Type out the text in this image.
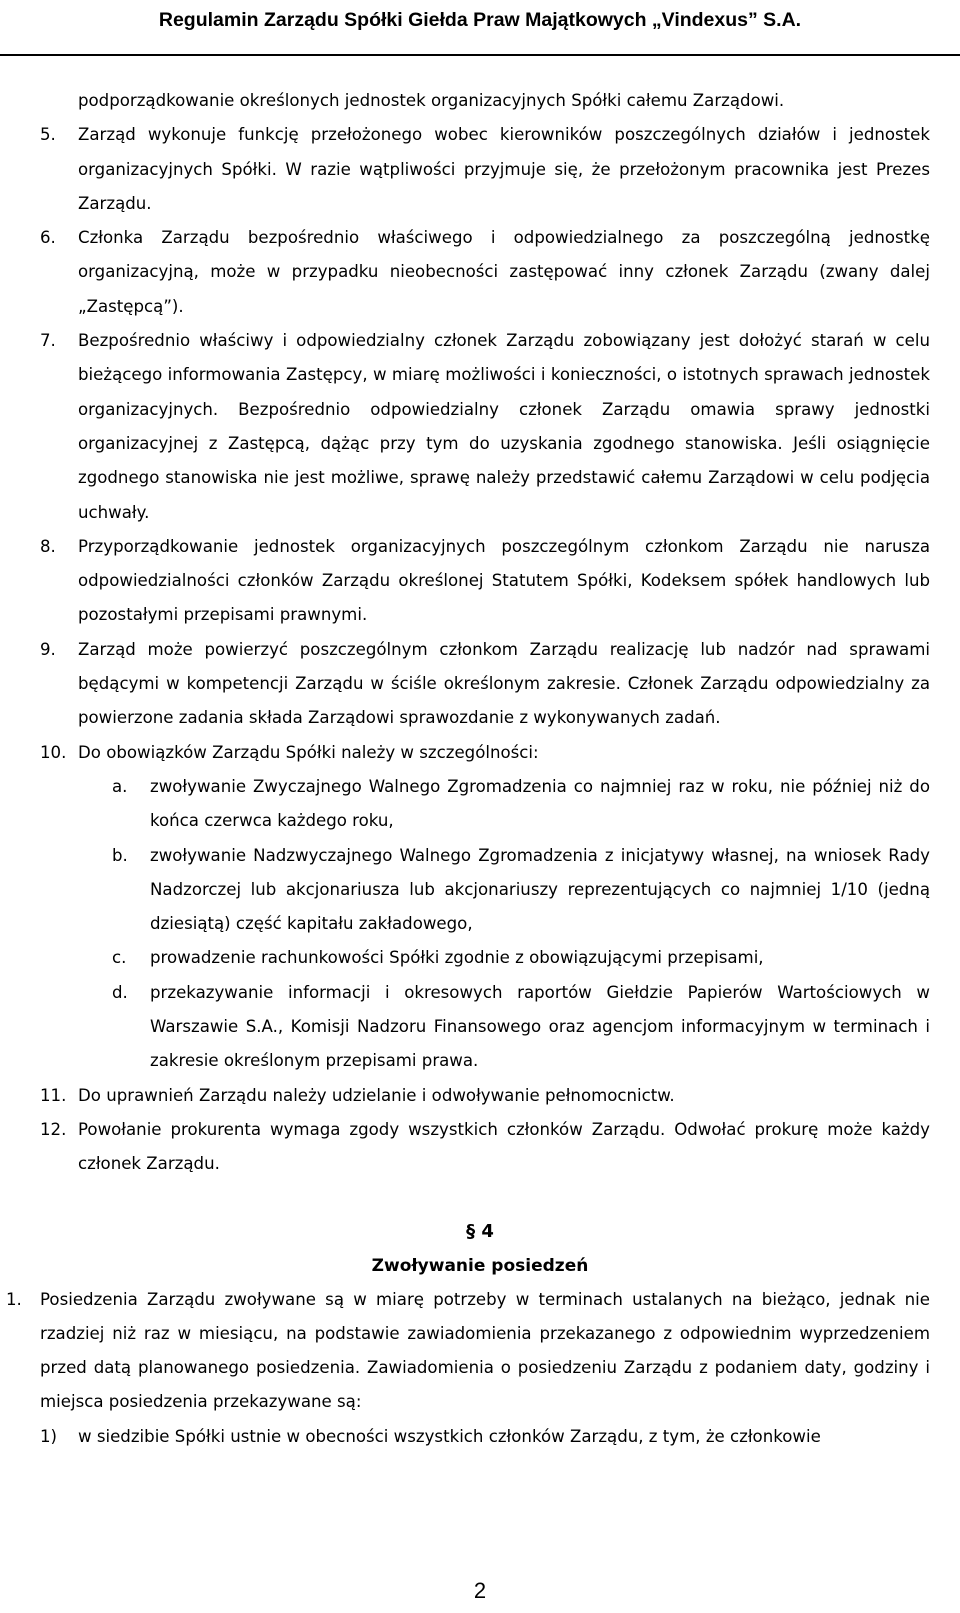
Regulamin Zarządu Spółki Giełda Praw Majątkowych „Vindexus” S.A.

podporządkowanie określonych jednostek organizacyjnych Spółki całemu Zarządowi.

5. Zarząd wykonuje funkcję przełożonego wobec kierowników poszczególnych działów i jednostek organizacyjnych Spółki. W razie wątpliwości przyjmuje się, że przełożonym pracownika jest Prezes Zarządu.
6. Członka Zarządu bezpośrednio właściwego i odpowiedzialnego za poszczególną jednostkę organizacyjną, może w przypadku nieobecności zastępować inny członek Zarządu (zwany dalej „Zastępcą”).
7. Bezpośrednio właściwy i odpowiedzialny członek Zarządu zobowiązany jest dołożyć starań w celu bieżącego informowania Zastępcy, w miarę możliwości i konieczności, o istotnych sprawach jednostek organizacyjnych. Bezpośrednio odpowiedzialny członek Zarządu omawia sprawy jednostki organizacyjnej z Zastępcą, dążąc przy tym do uzyskania zgodnego stanowiska. Jeśli osiągnięcie zgodnego stanowiska nie jest możliwe, sprawę należy przedstawić całemu Zarządowi w celu podjęcia uchwały.
8. Przyporządkowanie jednostek organizacyjnych poszczególnym członkom Zarządu nie narusza odpowiedzialności członków Zarządu określonej Statutem Spółki, Kodeksem spółek handlowych lub pozostałymi przepisami prawnymi.
9. Zarząd może powierzyć poszczególnym członkom Zarządu realizację lub nadzór nad sprawami będącymi w kompetencji Zarządu w ściśle określonym zakresie. Członek Zarządu odpowiedzialny za powierzone zadania składa Zarządowi sprawozdanie z wykonywanych zadań.
10. Do obowiązków Zarządu Spółki należy w szczególności:
a. zwoływanie Zwyczajnego Walnego Zgromadzenia co najmniej raz w roku, nie później niż do końca czerwca każdego roku,
b. zwoływanie Nadzwyczajnego Walnego Zgromadzenia z inicjatywy własnej, na wniosek Rady Nadzorczej lub akcjonariusza lub akcjonariuszy reprezentujących co najmniej 1/10 (jedną dziesiątą) część kapitału zakładowego,
c. prowadzenie rachunkowości Spółki zgodnie z obowiązującymi przepisami,
d. przekazywanie informacji i okresowych raportów Giełdzie Papierów Wartościowych w Warszawie S.A., Komisji Nadzoru Finansowego oraz agencjom informacyjnym w terminach i zakresie określonym przepisami prawa.
11. Do uprawnień Zarządu należy udzielanie i odwoływanie pełnomocnictw.
12. Powołanie prokurenta wymaga zgody wszystkich członków Zarządu. Odwołać prokurę może każdy członek Zarządu.
§ 4
Zwoływanie posiedzeń
1. Posiedzenia Zarządu zwoływane są w miarę potrzeby w terminach ustalanych na bieżąco, jednak nie rzadziej niż raz w miesiącu, na podstawie zawiadomienia przekazanego z odpowiednim wyprzedzeniem przed datą planowanego posiedzenia. Zawiadomienia o posiedzeniu Zarządu z podaniem daty, godziny i miejsca posiedzenia przekazywane są:
1) w siedzibie Spółki ustnie w obecności wszystkich członków Zarządu, z tym, że członkowie
2
